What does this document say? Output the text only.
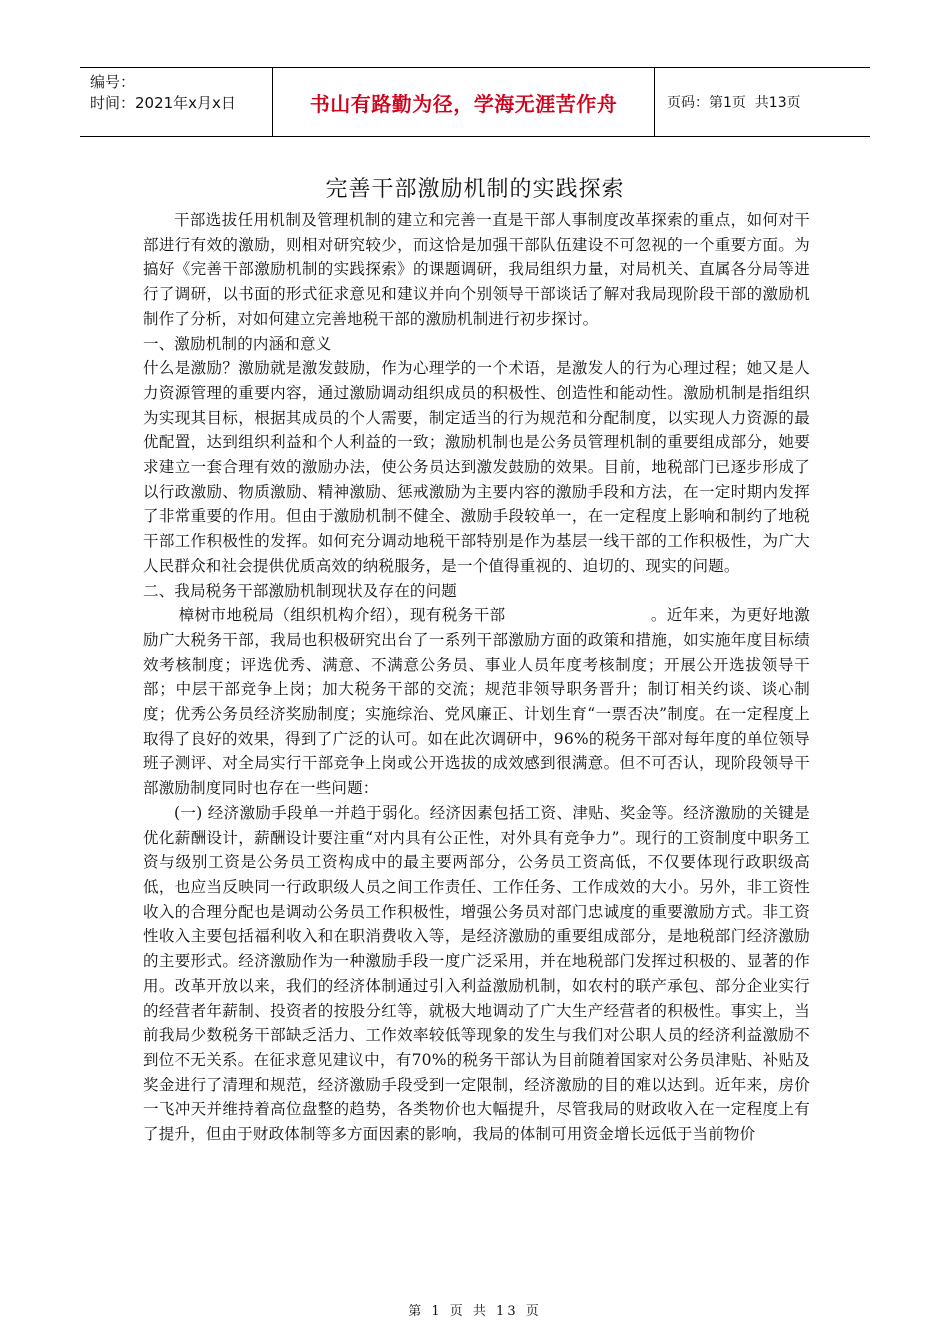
编号：
时间：2021年x月x日	书山有路勤为径，学海无涯苦作舟	页码：第1页  共13页
完善干部激励机制的实践探索

干部选拔任用机制及管理机制的建立和完善一直是干部人事制度改革探索的重点，如何对干部进行有效的激励，则相对研究较少，而这恰是加强干部队伍建设不可忽视的一个重要方面。为搞好《完善干部激励机制的实践探索》的课题调研，我局组织力量，对局机关、直属各分局等进行了调研，以书面的形式征求意见和建议并向个别领导干部谈话了解对我局现阶段干部的激励机制作了分析，对如何建立完善地税干部的激励机制进行初步探讨。

一、激励机制的内涵和意义

什么是激励？激励就是激发鼓励，作为心理学的一个术语，是激发人的行为心理过程；她又是人力资源管理的重要内容，通过激励调动组织成员的积极性、创造性和能动性。激励机制是指组织为实现其目标，根据其成员的个人需要，制定适当的行为规范和分配制度，以实现人力资源的最优配置，达到组织利益和个人利益的一致；激励机制也是公务员管理机制的重要组成部分，她要求建立一套合理有效的激励办法，使公务员达到激发鼓励的效果。目前，地税部门已逐步形成了以行政激励、物质激励、精神激励、惩戒激励为主要内容的激励手段和方法，在一定时期内发挥了非常重要的作用。但由于激励机制不健全、激励手段较单一，在一定程度上影响和制约了地税干部工作积极性的发挥。如何充分调动地税干部特别是作为基层一线干部的工作积极性，为广大人民群众和社会提供优质高效的纳税服务，是一个值得重视的、迫切的、现实的问题。

二、我局税务干部激励机制现状及存在的问题

樟树市地税局（组织机构介绍），现有税务干部	。近年来，为更好地激励广大税务干部，我局也积极研究出台了一系列干部激励方面的政策和措施，如实施年度目标绩效考核制度；评选优秀、满意、不满意公务员、事业人员年度考核制度；开展公开选拔领导干部；中层干部竞争上岗；加大税务干部的交流；规范非领导职务晋升；制订相关约谈、谈心制度；优秀公务员经济奖励制度；实施综治、党风廉正、计划生育“一票否决”制度。在一定程度上取得了良好的效果，得到了广泛的认可。如在此次调研中，96%的税务干部对每年度的单位领导班子测评、对全局实行干部竞争上岗或公开选拔的成效感到很满意。但不可否认，现阶段领导干部激励制度同时也存在一些问题：

(一) 经济激励手段单一并趋于弱化。经济因素包括工资、津贴、奖金等。经济激励的关键是优化薪酬设计，薪酬设计要注重“对内具有公正性，对外具有竞争力”。现行的工资制度中职务工资与级别工资是公务员工资构成中的最主要两部分，公务员工资高低，不仅要体现行政职级高低，也应当反映同一行政职级人员之间工作责任、工作任务、工作成效的大小。另外，非工资性收入的合理分配也是调动公务员工作积极性，增强公务员对部门忠诚度的重要激励方式。非工资性收入主要包括福利收入和在职消费收入等，是经济激励的重要组成部分，是地税部门经济激励的主要形式。经济激励作为一种激励手段一度广泛采用，并在地税部门发挥过积极的、显著的作用。改革开放以来，我们的经济体制通过引入利益激励机制，如农村的联产承包、部分企业实行的经营者年薪制、投资者的按股分红等，就极大地调动了广大生产经营者的积极性。事实上，当前我局少数税务干部缺乏活力、工作效率较低等现象的发生与我们对公职人员的经济利益激励不到位不无关系。在征求意见建议中，有70%的税务干部认为目前随着国家对公务员津贴、补贴及奖金进行了清理和规范，经济激励手段受到一定限制，经济激励的目的难以达到。近年来，房价一飞冲天并维持着高位盘整的趋势，各类物价也大幅提升，尽管我局的财政收入在一定程度上有了提升，但由于财政体制等多方面因素的影响，我局的体制可用资金增长远低于当前物价

第 1 页 共 13 页
